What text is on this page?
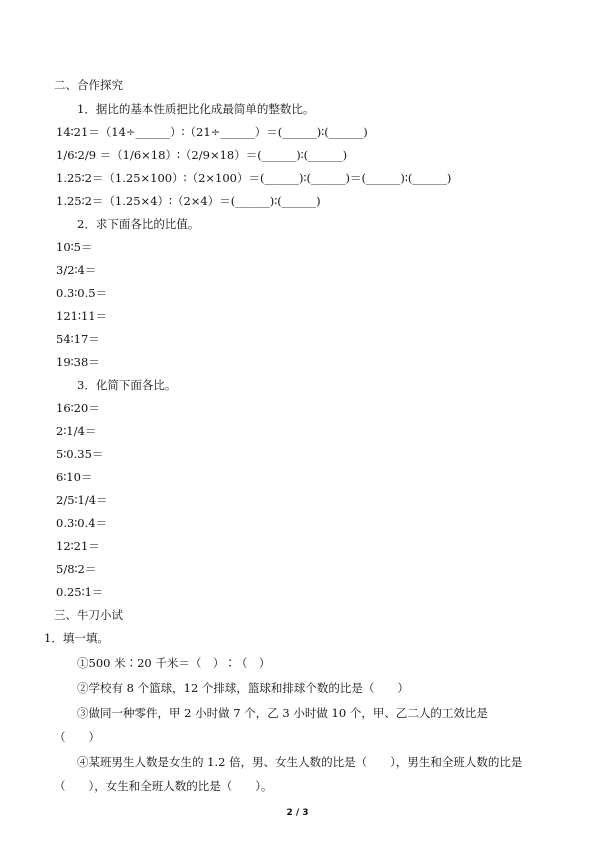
二、合作探究
1．据比的基本性质把比化成最简单的整数比。
14∶21＝（14÷______）∶（21÷______）＝(______)∶(______)
1/6∶2/9 ＝（1/6×18）∶（2/9×18）＝(______)∶(______)
1.25∶2＝（1.25×100）∶（2×100）＝(______)∶(______)＝(______)∶(______)
1.25∶2＝（1.25×4）∶（2×4）＝(______)∶(______)
2．求下面各比的比值。
10∶5＝
3/2∶4＝
0.3∶0.5＝
121∶11＝
54∶17＝
19∶38＝
3．化简下面各比。
16∶20＝
2∶1/4＝
5∶0.35＝
6∶10＝
2/5∶1/4＝
0.3∶0.4＝
12∶21＝
5/8∶2＝
0.25∶1＝
三、牛刀小试
1．填一填。
①500 米∶20 千米＝（　）∶（　）
②学校有 8 个篮球，12 个排球，篮球和排球个数的比是（　　）
③做同一种零件，甲 2 小时做 7 个，乙 3 小时做 10 个，甲、乙二人的工效比是
（　　）
④某班男生人数是女生的 1.2 倍，男、女生人数的比是（　　），男生和全班人数的比是
（　　），女生和全班人数的比是（　　）。
2 / 3
